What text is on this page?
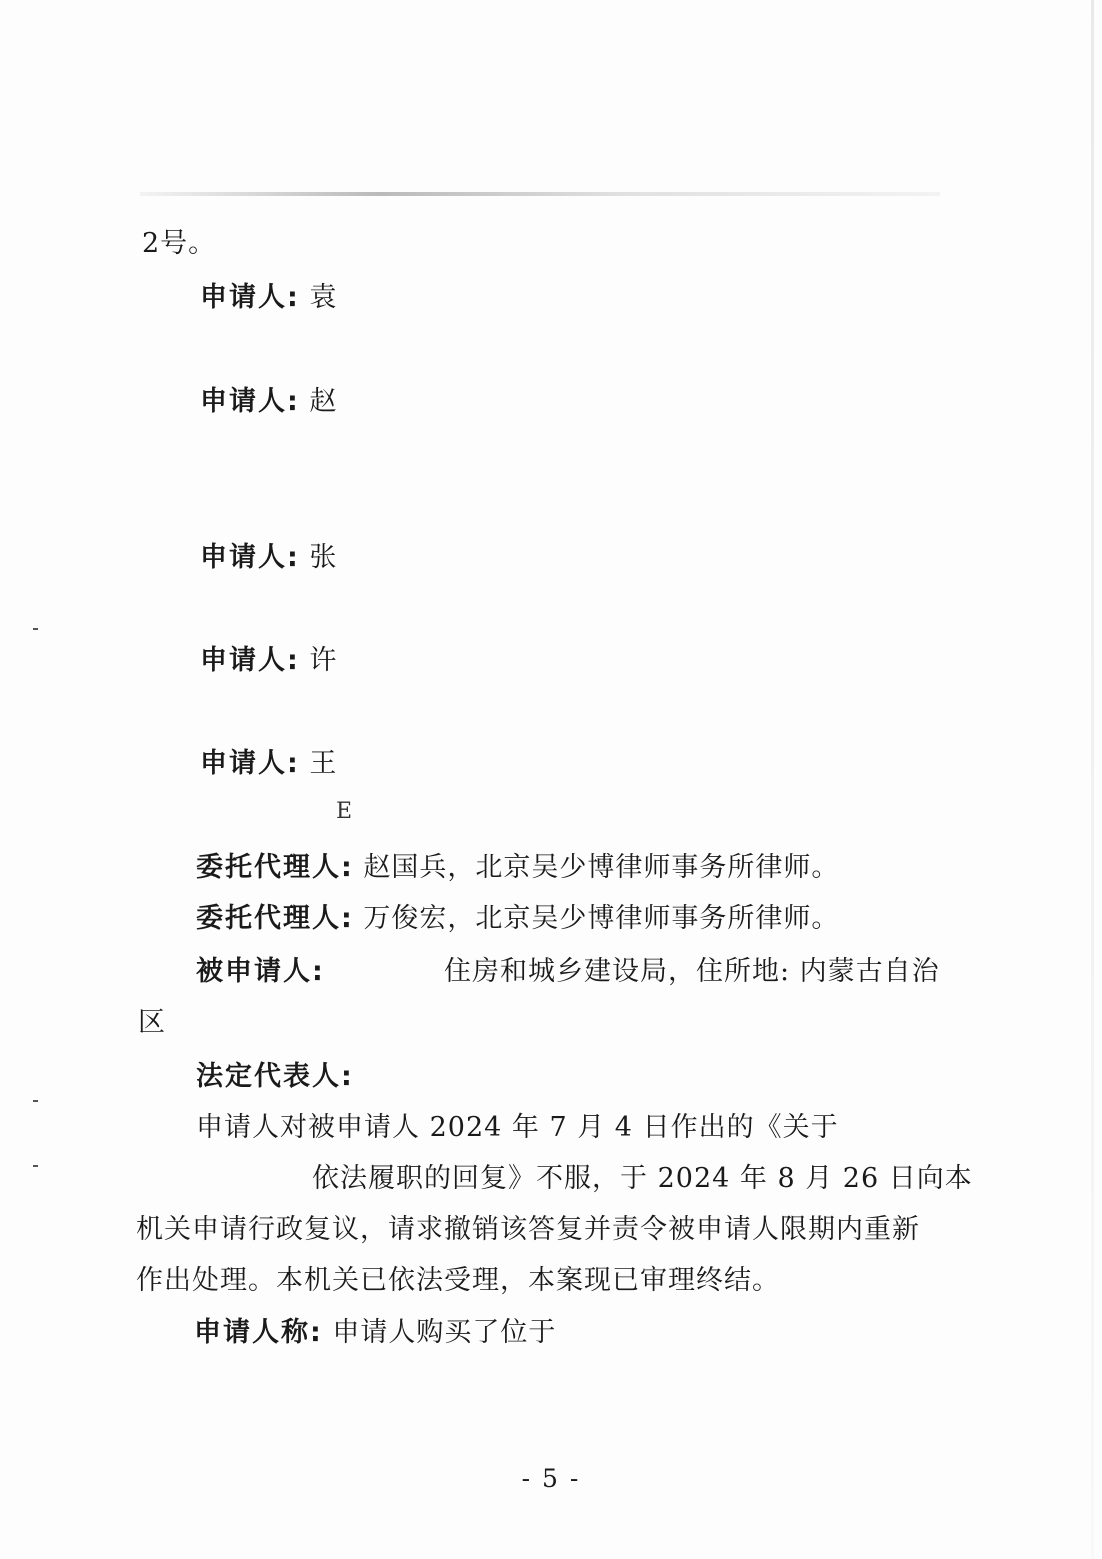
2号。
申请人: 袁
申请人: 赵
申请人: 张
申请人: 许
申请人: 王
E
委托代理人: 赵国兵，北京吴少博律师事务所律师。
委托代理人: 万俊宏，北京吴少博律师事务所律师。
被申请人:	住房和城乡建设局，住所地: 内蒙古自治
区
法定代表人:
申请人对被申请人 2024 年 7 月 4 日作出的《关于
依法履职的回复》不服，于 2024 年 8 月 26 日向本
机关申请行政复议，请求撤销该答复并责令被申请人限期内重新
作出处理。本机关已依法受理，本案现已审理终结。
申请人称: 申请人购买了位于
- 5 -
